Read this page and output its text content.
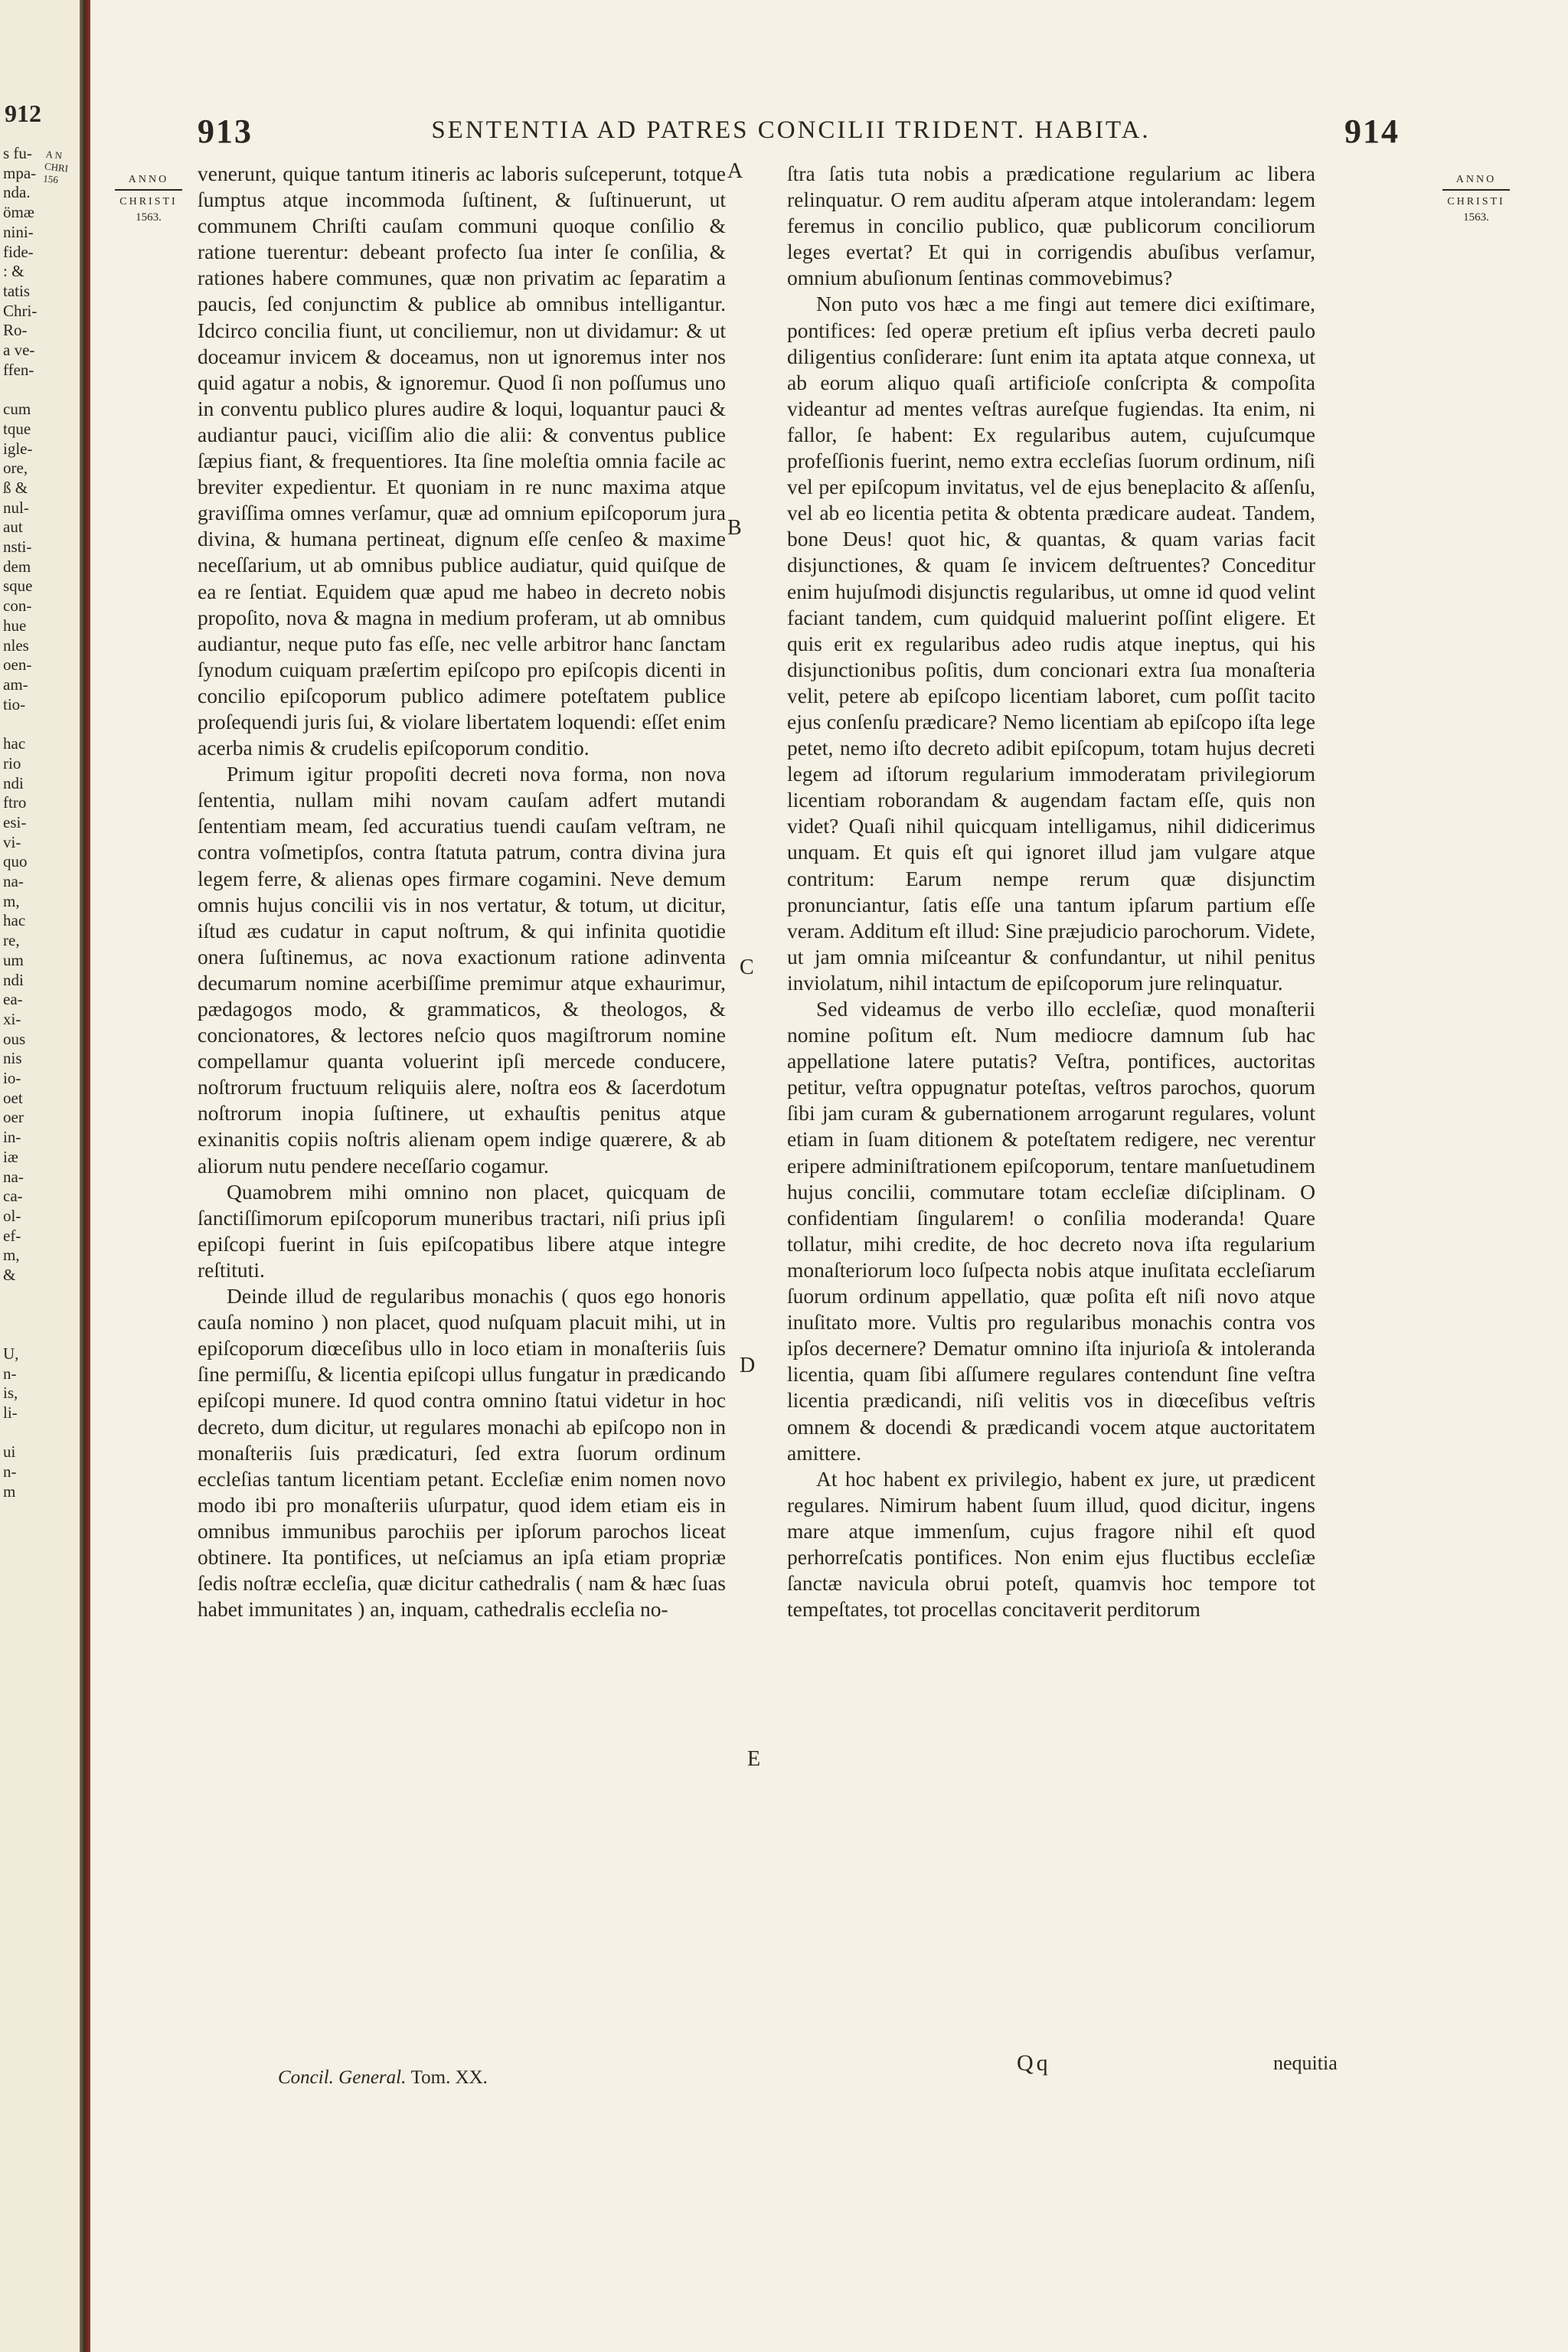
912
s fu-
mpa-
nda.
ömæ
nini-
fide-
: &
tatis
Chri-
Ro-
a ve-
ffen-

cum
tque
igle-
ore,
ß &
nul-
aut
nsti-
dem
sque
con-
hue
nles
oen-
am-
tio-

hac
rio
ndi
ftro
esi-
vi-
quo
na-
m,
hac
re,
um
ndi
ea-
xi-
ous
nis
io-
oet
oer
in-
iæ
na-
ca-
ol-
ef-
m,
&

U,
n-
is,
li-

ui
n-
m
A N
CHRI
156
913	SENTENTIA AD PATRES CONCILII TRIDENT. HABITA.	914
ANNO
CHRISTI
1563.
ANNO
CHRISTI
1563.

venerunt, quique tantum itineris ac laboris suſceperunt, totque ſumptus atque incommoda ſuſtinent, & ſuſtinuerunt, ut communem Chriſti cauſam communi quoque conſilio & ratione tuerentur: debeant profecto ſua inter ſe conſilia, & rationes habere communes, quæ non privatim ac ſeparatim a paucis, ſed conjunctim & publice ab omnibus intelligantur. Idcirco concilia fiunt, ut conciliemur, non ut dividamur: & ut doceamur invicem & doceamus, non ut ignoremus inter nos quid agatur a nobis, & ignoremur. Quod ſi non poſſumus uno in conventu publico plures audire & loqui, loquantur pauci & audiantur pauci, viciſſim alio die alii: & conventus publice ſæpius fiant, & frequentiores. Ita ſine moleſtia omnia facile ac breviter expedientur. Et quoniam in re nunc maxima atque graviſſima omnes verſamur, quæ ad omnium epiſcoporum jura divina, & humana pertineat, dignum eſſe cenſeo & maxime neceſſarium, ut ab omnibus publice audiatur, quid quiſque de ea re ſentiat. Equidem quæ apud me habeo in decreto nobis propoſito, nova & magna in medium proferam, ut ab omnibus audiantur, neque puto fas eſſe, nec velle arbitror hanc ſanctam ſynodum cuiquam præſertim epiſcopo pro epiſcopis dicenti in concilio epiſcoporum publico adimere poteſtatem publice proſequendi juris ſui, & violare libertatem loquendi: eſſet enim acerba nimis & crudelis epiſcoporum conditio.

Primum igitur propoſiti decreti nova forma, non nova ſententia, nullam mihi novam cauſam adfert mutandi ſententiam meam, ſed accuratius tuendi cauſam veſtram, ne contra voſmetipſos, contra ſtatuta patrum, contra divina jura legem ferre, & alienas opes firmare cogamini. Neve demum omnis hujus concilii vis in nos vertatur, & totum, ut dicitur, iſtud æs cudatur in caput noſtrum, & qui infinita quotidie onera ſuſtinemus, ac nova exactionum ratione adinventa decumarum nomine acerbiſſime premimur atque exhaurimur, pædagogos modo, & grammaticos, & theologos, & concionatores, & lectores neſcio quos magiſtrorum nomine compellamur quanta voluerint ipſi mercede conducere, noſtrorum fructuum reliquiis alere, noſtra eos & ſacerdotum noſtrorum inopia ſuſtinere, ut exhauſtis penitus atque exinanitis copiis noſtris alienam opem indige quærere, & ab aliorum nutu pendere neceſſario cogamur.

Quamobrem mihi omnino non placet, quicquam de ſanctiſſimorum epiſcoporum muneribus tractari, niſi prius ipſi epiſcopi fuerint in ſuis epiſcopatibus libere atque integre reſtituti.

Deinde illud de regularibus monachis ( quos ego honoris cauſa nomino ) non placet, quod nuſquam placuit mihi, ut in epiſcoporum diœceſibus ullo in loco etiam in monaſteriis ſuis ſine permiſſu, & licentia epiſcopi ullus fungatur in prædicando epiſcopi munere. Id quod contra omnino ſtatui videtur in hoc decreto, dum dicitur, ut regulares monachi ab epiſcopo non in monaſteriis ſuis prædicaturi, ſed extra ſuorum ordinum eccleſias tantum licentiam petant. Eccleſiæ enim nomen novo modo ibi pro monaſteriis uſurpatur, quod idem etiam eis in omnibus immunibus parochiis per ipſorum parochos liceat obtinere. Ita pontifices, ut neſciamus an ipſa etiam propriæ ſedis noſtræ eccleſia, quæ dicitur cathedralis ( nam & hæc ſuas habet immunitates ) an, inquam, cathedralis eccleſia no-

ſtra ſatis tuta nobis a prædicatione regularium ac libera relinquatur. O rem auditu aſperam atque intolerandam: legem feremus in concilio publico, quæ publicorum conciliorum leges evertat? Et qui in corrigendis abuſibus verſamur, omnium abuſionum ſentinas commovebimus?

Non puto vos hæc a me fingi aut temere dici exiſtimare, pontifices: ſed operæ pretium eſt ipſius verba decreti paulo diligentius conſiderare: ſunt enim ita aptata atque connexa, ut ab eorum aliquo quaſi artificioſe conſcripta & compoſita videantur ad mentes veſtras aureſque fugiendas. Ita enim, ni fallor, ſe habent: Ex regularibus autem, cujuſcumque profeſſionis fuerint, nemo extra eccleſias ſuorum ordinum, niſi vel per epiſcopum invitatus, vel de ejus beneplacito & aſſenſu, vel ab eo licentia petita & obtenta prædicare audeat. Tandem, bone Deus! quot hic, & quantas, & quam varias facit disjunctiones, & quam ſe invicem deſtruentes? Conceditur enim hujuſmodi disjunctis regularibus, ut omne id quod velint faciant tandem, cum quidquid maluerint poſſint eligere. Et quis erit ex regularibus adeo rudis atque ineptus, qui his disjunctionibus poſitis, dum concionari extra ſua monaſteria velit, petere ab epiſcopo licentiam laboret, cum poſſit tacito ejus conſenſu prædicare? Nemo licentiam ab epiſcopo iſta lege petet, nemo iſto decreto adibit epiſcopum, totam hujus decreti legem ad iſtorum regularium immoderatam privilegiorum licentiam roborandam & augendam factam eſſe, quis non videt? Quaſi nihil quicquam intelligamus, nihil didicerimus unquam. Et quis eſt qui ignoret illud jam vulgare atque contritum: Earum nempe rerum quæ disjunctim pronunciantur, ſatis eſſe una tantum ipſarum partium eſſe veram. Additum eſt illud: Sine præjudicio parochorum. Videte, ut jam omnia miſceantur & confundantur, ut nihil penitus inviolatum, nihil intactum de epiſcoporum jure relinquatur.

Sed videamus de verbo illo eccleſiæ, quod monaſterii nomine poſitum eſt. Num mediocre damnum ſub hac appellatione latere putatis? Veſtra, pontifices, auctoritas petitur, veſtra oppugnatur poteſtas, veſtros parochos, quorum ſibi jam curam & gubernationem arrogarunt regulares, volunt etiam in ſuam ditionem & poteſtatem redigere, nec verentur eripere adminiſtrationem epiſcoporum, tentare manſuetudinem hujus concilii, commutare totam eccleſiæ diſciplinam. O confidentiam ſingularem! o conſilia moderanda! Quare tollatur, mihi credite, de hoc decreto nova iſta regularium monaſteriorum loco ſuſpecta nobis atque inuſitata eccleſiarum ſuorum ordinum appellatio, quæ poſita eſt niſi novo atque inuſitato more. Vultis pro regularibus monachis contra vos ipſos decernere? Dematur omnino iſta injurioſa & intoleranda licentia, quam ſibi aſſumere regulares contendunt ſine veſtra licentia prædicandi, niſi velitis vos in diœceſibus veſtris omnem & docendi & prædicandi vocem atque auctoritatem amittere.

At hoc habent ex privilegio, habent ex jure, ut prædicent regulares. Nimirum habent ſuum illud, quod dicitur, ingens mare atque immenſum, cujus fragore nihil eſt quod perhorreſcatis pontifices. Non enim ejus fluctibus eccleſiæ ſanctæ navicula obrui poteſt, quamvis hoc tempore tot tempeſtates, tot procellas concitaverit perditorum

A
B
C
D
E
Concil. General. Tom. XX.
Qq	nequitia
